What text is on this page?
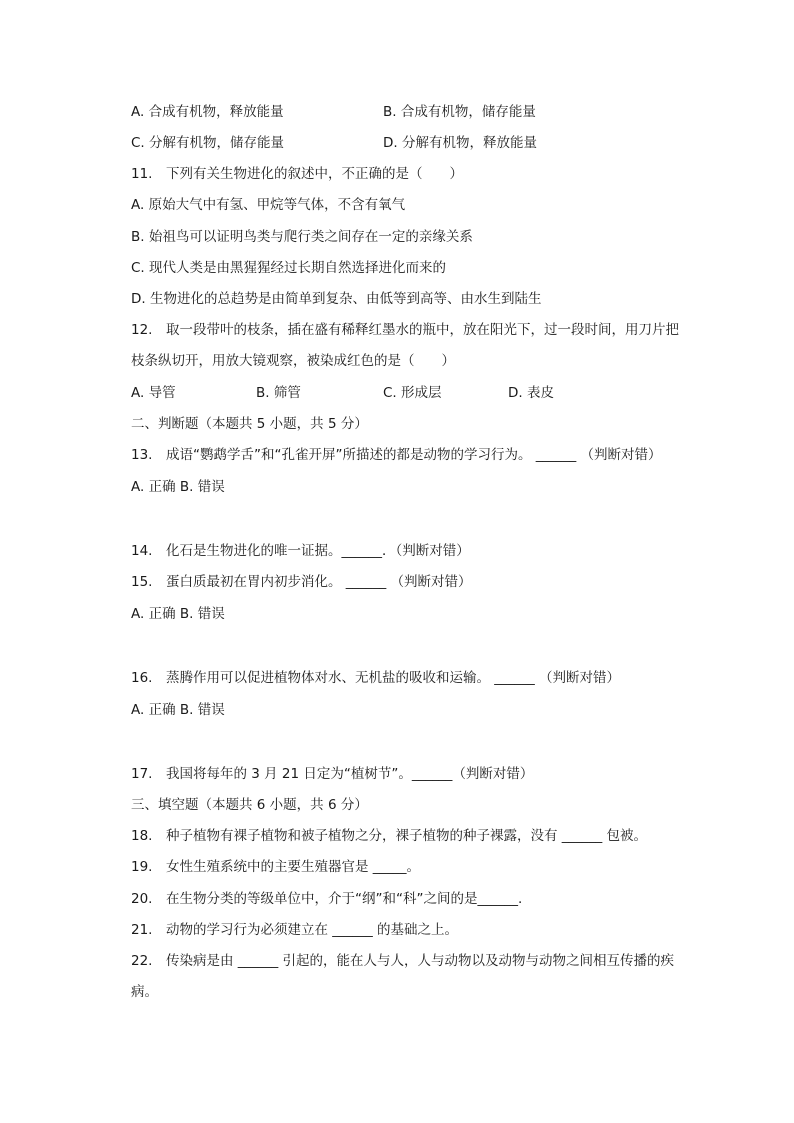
A. 合成有机物，释放能量	B. 合成有机物，储存能量
C. 分解有机物，储存能量	D. 分解有机物，释放能量
11.　下列有关生物进化的叙述中，不正确的是（　　）
A. 原始大气中有氢、甲烷等气体，不含有氧气
B. 始祖鸟可以证明鸟类与爬行类之间存在一定的亲缘关系
C. 现代人类是由黑猩猩经过长期自然选择进化而来的
D. 生物进化的总趋势是由简单到复杂、由低等到高等、由水生到陆生
12.　取一段带叶的枝条，插在盛有稀释红墨水的瓶中，放在阳光下，过一段时间，用刀片把
枝条纵切开，用放大镜观察，被染成红色的是（　　）
A. 导管	B. 筛管	C. 形成层	D. 表皮
二、判断题（本题共 5 小题，共 5 分）
13.　成语“鹦鹉学舌”和“孔雀开屏”所描述的都是动物的学习行为。 ______ （判断对错）
A. 正确 B. 错误
14.　化石是生物进化的唯一证据。______．（判断对错）
15.　蛋白质最初在胃内初步消化。 ______ （判断对错）
A. 正确 B. 错误
16.　蒸腾作用可以促进植物体对水、无机盐的吸收和运输。 ______ （判断对错）
A. 正确 B. 错误
17.　我国将每年的 3 月 21 日定为“植树节”。______（判断对错）
三、填空题（本题共 6 小题，共 6 分）
18.　种子植物有裸子植物和被子植物之分，裸子植物的种子裸露，没有 ______ 包被。
19.　女性生殖系统中的主要生殖器官是 _____。
20.　在生物分类的等级单位中，介于“纲”和“科”之间的是______.
21.　动物的学习行为必须建立在 ______ 的基础之上。
22.　传染病是由 ______ 引起的，能在人与人，人与动物以及动物与动物之间相互传播的疾
病。
